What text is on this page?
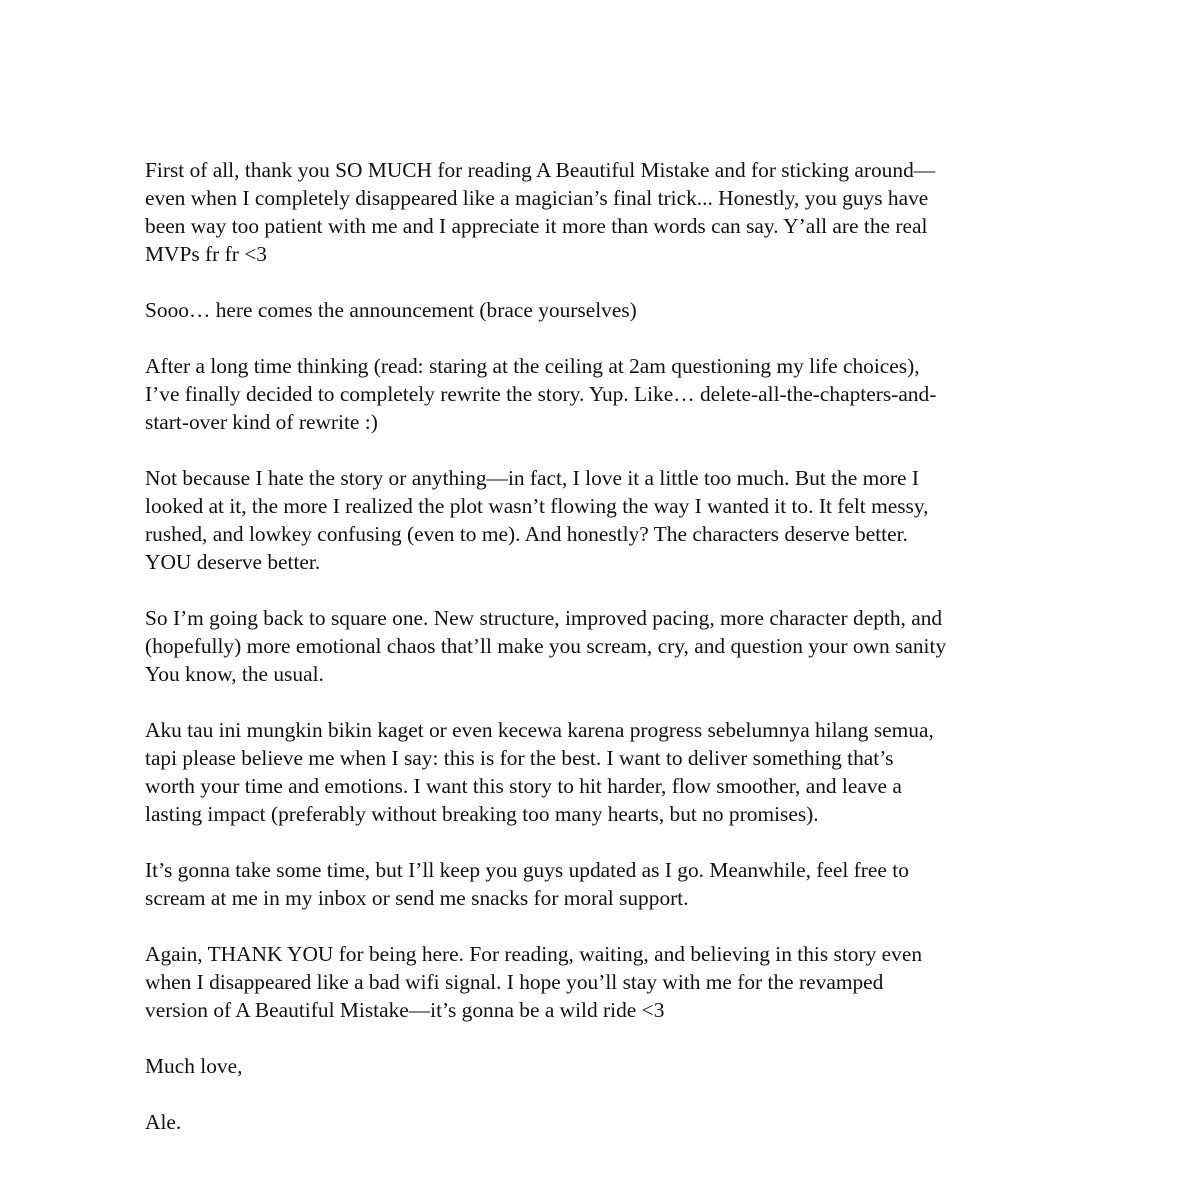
First of all, thank you SO MUCH for reading A Beautiful Mistake and for sticking around—
even when I completely disappeared like a magician’s final trick... Honestly, you guys have
been way too patient with me and I appreciate it more than words can say. Y’all are the real
MVPs fr fr <3

Sooo… here comes the announcement (brace yourselves)

After a long time thinking (read: staring at the ceiling at 2am questioning my life choices),
I’ve finally decided to completely rewrite the story. Yup. Like… delete-all-the-chapters-and-
start-over kind of rewrite :)

Not because I hate the story or anything—in fact, I love it a little too much. But the more I
looked at it, the more I realized the plot wasn’t flowing the way I wanted it to. It felt messy,
rushed, and lowkey confusing (even to me). And honestly? The characters deserve better.
YOU deserve better.

So I’m going back to square one. New structure, improved pacing, more character depth, and
(hopefully) more emotional chaos that’ll make you scream, cry, and question your own sanity
You know, the usual.

Aku tau ini mungkin bikin kaget or even kecewa karena progress sebelumnya hilang semua,
tapi please believe me when I say: this is for the best. I want to deliver something that’s
worth your time and emotions. I want this story to hit harder, flow smoother, and leave a
lasting impact (preferably without breaking too many hearts, but no promises).

It’s gonna take some time, but I’ll keep you guys updated as I go. Meanwhile, feel free to
scream at me in my inbox or send me snacks for moral support.

Again, THANK YOU for being here. For reading, waiting, and believing in this story even
when I disappeared like a bad wifi signal. I hope you’ll stay with me for the revamped
version of A Beautiful Mistake—it’s gonna be a wild ride <3

Much love,

Ale.
